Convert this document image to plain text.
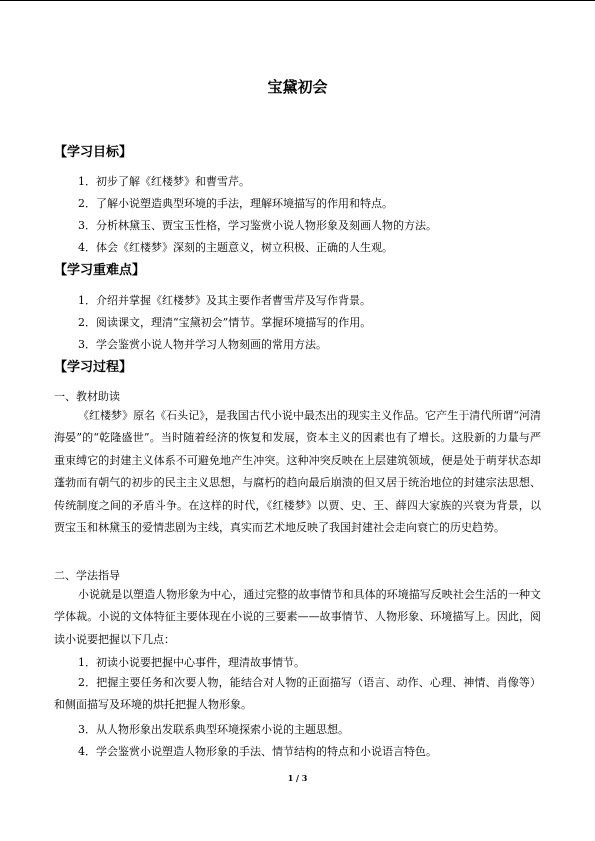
宝黛初会
【学习目标】
1．初步了解《红楼梦》和曹雪芹。
2．了解小说塑造典型环境的手法，理解环境描写的作用和特点。
3．分析林黛玉、贾宝玉性格，学习鉴赏小说人物形象及刻画人物的方法。
4．体会《红楼梦》深刻的主题意义，树立积极、正确的人生观。
【学习重难点】
1．介绍并掌握《红楼梦》及其主要作者曹雪芹及写作背景。
2．阅读课文，理清“宝黛初会”情节。掌握环境描写的作用。
3．学会鉴赏小说人物并学习人物刻画的常用方法。
【学习过程】
一、教材助读
《红楼梦》原名《石头记》，是我国古代小说中最杰出的现实主义作品。它产生于清代所谓“河清海晏”的“乾隆盛世”。当时随着经济的恢复和发展，资本主义的因素也有了增长。这股新的力量与严重束缚它的封建主义体系不可避免地产生冲突。这种冲突反映在上层建筑领域，便是处于萌芽状态却蓬勃而有朝气的初步的民主主义思想，与腐朽的趋向最后崩溃的但又居于统治地位的封建宗法思想、传统制度之间的矛盾斗争。在这样的时代，《红楼梦》以贾、史、王、薛四大家族的兴衰为背景，以贾宝玉和林黛玉的爱情悲剧为主线，真实而艺术地反映了我国封建社会走向衰亡的历史趋势。
二、学法指导
小说就是以塑造人物形象为中心，通过完整的故事情节和具体的环境描写反映社会生活的一种文学体裁。小说的文体特征主要体现在小说的三要素——故事情节、人物形象、环境描写上。因此，阅读小说要把握以下几点：
1．初读小说要把握中心事件，理清故事情节。
2．把握主要任务和次要人物，能结合对人物的正面描写（语言、动作、心理、神情、肖像等）和侧面描写及环境的烘托把握人物形象。
3．从人物形象出发联系典型环境探索小说的主题思想。
4．学会鉴赏小说塑造人物形象的手法、情节结构的特点和小说语言特色。
1 / 3
